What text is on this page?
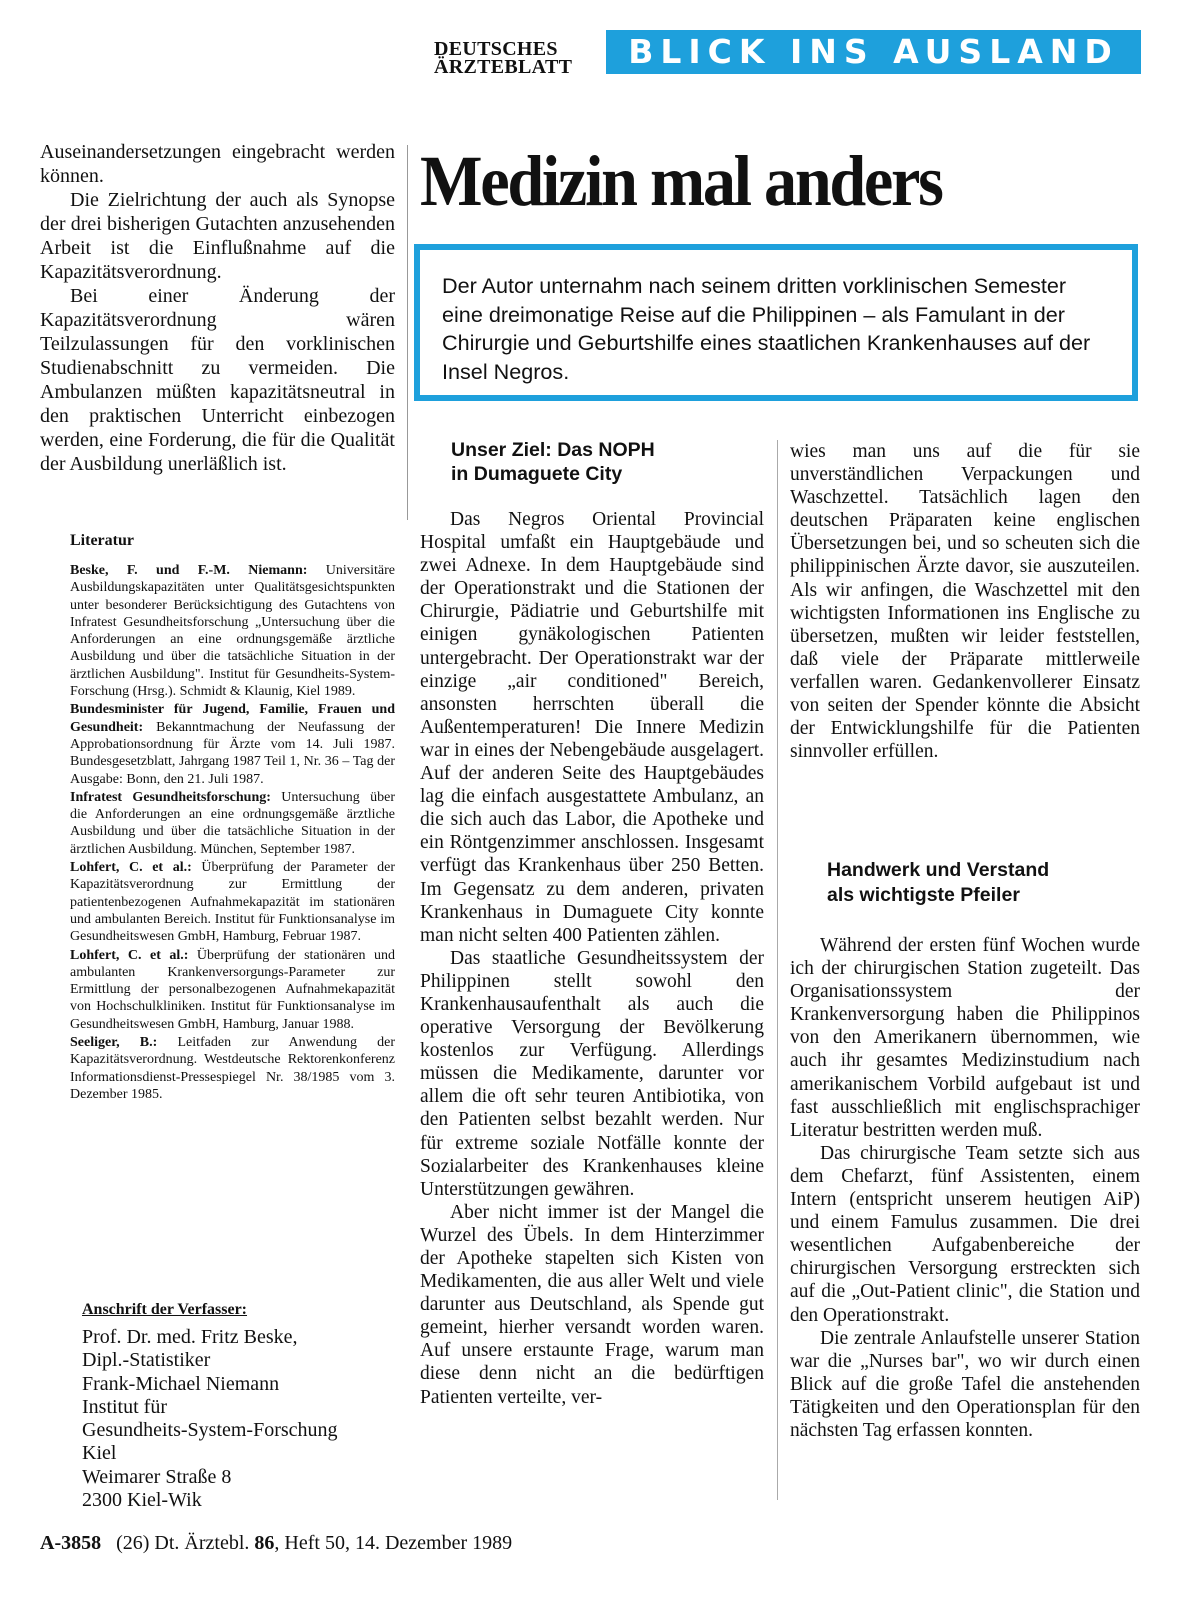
DEUTSCHES
ÄRZTEBLATT	BLICK INS AUSLAND

Auseinandersetzungen eingebracht werden können.

Die Zielrichtung der auch als Synopse der drei bisherigen Gutachten anzusehenden Arbeit ist die Einflußnahme auf die Kapazitätsverordnung.

Bei einer Änderung der Kapazitätsverordnung wären Teilzulassungen für den vorklinischen Studienabschnitt zu vermeiden. Die Ambulanzen müßten kapazitätsneutral in den praktischen Unterricht einbezogen werden, eine Forderung, die für die Qualität der Ausbildung unerläßlich ist.

Literatur

Beske, F. und F.-M. Niemann: Universitäre Ausbildungskapazitäten unter Qualitätsgesichtspunkten unter besonderer Berücksichtigung des Gutachtens von Infratest Gesundheitsforschung „Untersuchung über die Anforderungen an eine ordnungsgemäße ärztliche Ausbildung und über die tatsächliche Situation in der ärztlichen Ausbildung". Institut für Gesundheits-System-Forschung (Hrsg.). Schmidt & Klaunig, Kiel 1989.

Bundesminister für Jugend, Familie, Frauen und Gesundheit: Bekanntmachung der Neufassung der Approbationsordnung für Ärzte vom 14. Juli 1987. Bundesgesetzblatt, Jahrgang 1987 Teil 1, Nr. 36 – Tag der Ausgabe: Bonn, den 21. Juli 1987.

Infratest Gesundheitsforschung: Untersuchung über die Anforderungen an eine ordnungsgemäße ärztliche Ausbildung und über die tatsächliche Situation in der ärztlichen Ausbildung. München, September 1987.

Lohfert, C. et al.: Überprüfung der Parameter der Kapazitätsverordnung zur Ermittlung der patientenbezogenen Aufnahmekapazität im stationären und ambulanten Bereich. Institut für Funktionsanalyse im Gesundheitswesen GmbH, Hamburg, Februar 1987.

Lohfert, C. et al.: Überprüfung der stationären und ambulanten Krankenversorgungs-Parameter zur Ermittlung der personalbezogenen Aufnahmekapazität von Hochschulkliniken. Institut für Funktionsanalyse im Gesundheitswesen GmbH, Hamburg, Januar 1988.

Seeliger, B.: Leitfaden zur Anwendung der Kapazitätsverordnung. Westdeutsche Rektorenkonferenz Informationsdienst-Pressespiegel Nr. 38/1985 vom 3. Dezember 1985.

Anschrift der Verfasser:
Prof. Dr. med. Fritz Beske,
Dipl.-Statistiker
Frank-Michael Niemann
Institut für
Gesundheits-System-Forschung
Kiel
Weimarer Straße 8
2300 Kiel-Wik
Medizin mal anders
Der Autor unternahm nach seinem dritten vorklinischen Semester eine dreimonatige Reise auf die Philippinen – als Famulant in der Chirurgie und Geburtshilfe eines staatlichen Krankenhauses auf der Insel Negros.
Unser Ziel: Das NOPH
in Dumaguete City

Das Negros Oriental Provincial Hospital umfaßt ein Hauptgebäude und zwei Adnexe. In dem Hauptgebäude sind der Operationstrakt und die Stationen der Chirurgie, Pädiatrie und Geburtshilfe mit einigen gynäkologischen Patienten untergebracht. Der Operationstrakt war der einzige „air conditioned" Bereich, ansonsten herrschten überall die Außentemperaturen! Die Innere Medizin war in eines der Nebengebäude ausgelagert. Auf der anderen Seite des Hauptgebäudes lag die einfach ausgestattete Ambulanz, an die sich auch das Labor, die Apotheke und ein Röntgenzimmer anschlossen. Insgesamt verfügt das Krankenhaus über 250 Betten. Im Gegensatz zu dem anderen, privaten Krankenhaus in Dumaguete City konnte man nicht selten 400 Patienten zählen.

Das staatliche Gesundheitssystem der Philippinen stellt sowohl den Krankenhausaufenthalt als auch die operative Versorgung der Bevölkerung kostenlos zur Verfügung. Allerdings müssen die Medikamente, darunter vor allem die oft sehr teuren Antibiotika, von den Patienten selbst bezahlt werden. Nur für extreme soziale Notfälle konnte der Sozialarbeiter des Krankenhauses kleine Unterstützungen gewähren.

Aber nicht immer ist der Mangel die Wurzel des Übels. In dem Hinterzimmer der Apotheke stapelten sich Kisten von Medikamenten, die aus aller Welt und viele darunter aus Deutschland, als Spende gut gemeint, hierher versandt worden waren. Auf unsere erstaunte Frage, warum man diese denn nicht an die bedürftigen Patienten verteilte, ver-

wies man uns auf die für sie unverständlichen Verpackungen und Waschzettel. Tatsächlich lagen den deutschen Präparaten keine englischen Übersetzungen bei, und so scheuten sich die philippinischen Ärzte davor, sie auszuteilen. Als wir anfingen, die Waschzettel mit den wichtigsten Informationen ins Englische zu übersetzen, mußten wir leider feststellen, daß viele der Präparate mittlerweile verfallen waren. Gedankenvollerer Einsatz von seiten der Spender könnte die Absicht der Entwicklungshilfe für die Patienten sinnvoller erfüllen.

Handwerk und Verstand
als wichtigste Pfeiler

Während der ersten fünf Wochen wurde ich der chirurgischen Station zugeteilt. Das Organisationssystem der Krankenversorgung haben die Philippinos von den Amerikanern übernommen, wie auch ihr gesamtes Medizinstudium nach amerikanischem Vorbild aufgebaut ist und fast ausschließlich mit englischsprachiger Literatur bestritten werden muß.

Das chirurgische Team setzte sich aus dem Chefarzt, fünf Assistenten, einem Intern (entspricht unserem heutigen AiP) und einem Famulus zusammen. Die drei wesentlichen Aufgabenbereiche der chirurgischen Versorgung erstreckten sich auf die „Out-Patient clinic", die Station und den Operationstrakt.

Die zentrale Anlaufstelle unserer Station war die „Nurses bar", wo wir durch einen Blick auf die große Tafel die anstehenden Tätigkeiten und den Operationsplan für den nächsten Tag erfassen konnten.

A-3858 (26) Dt. Ärztebl. 86, Heft 50, 14. Dezember 1989
